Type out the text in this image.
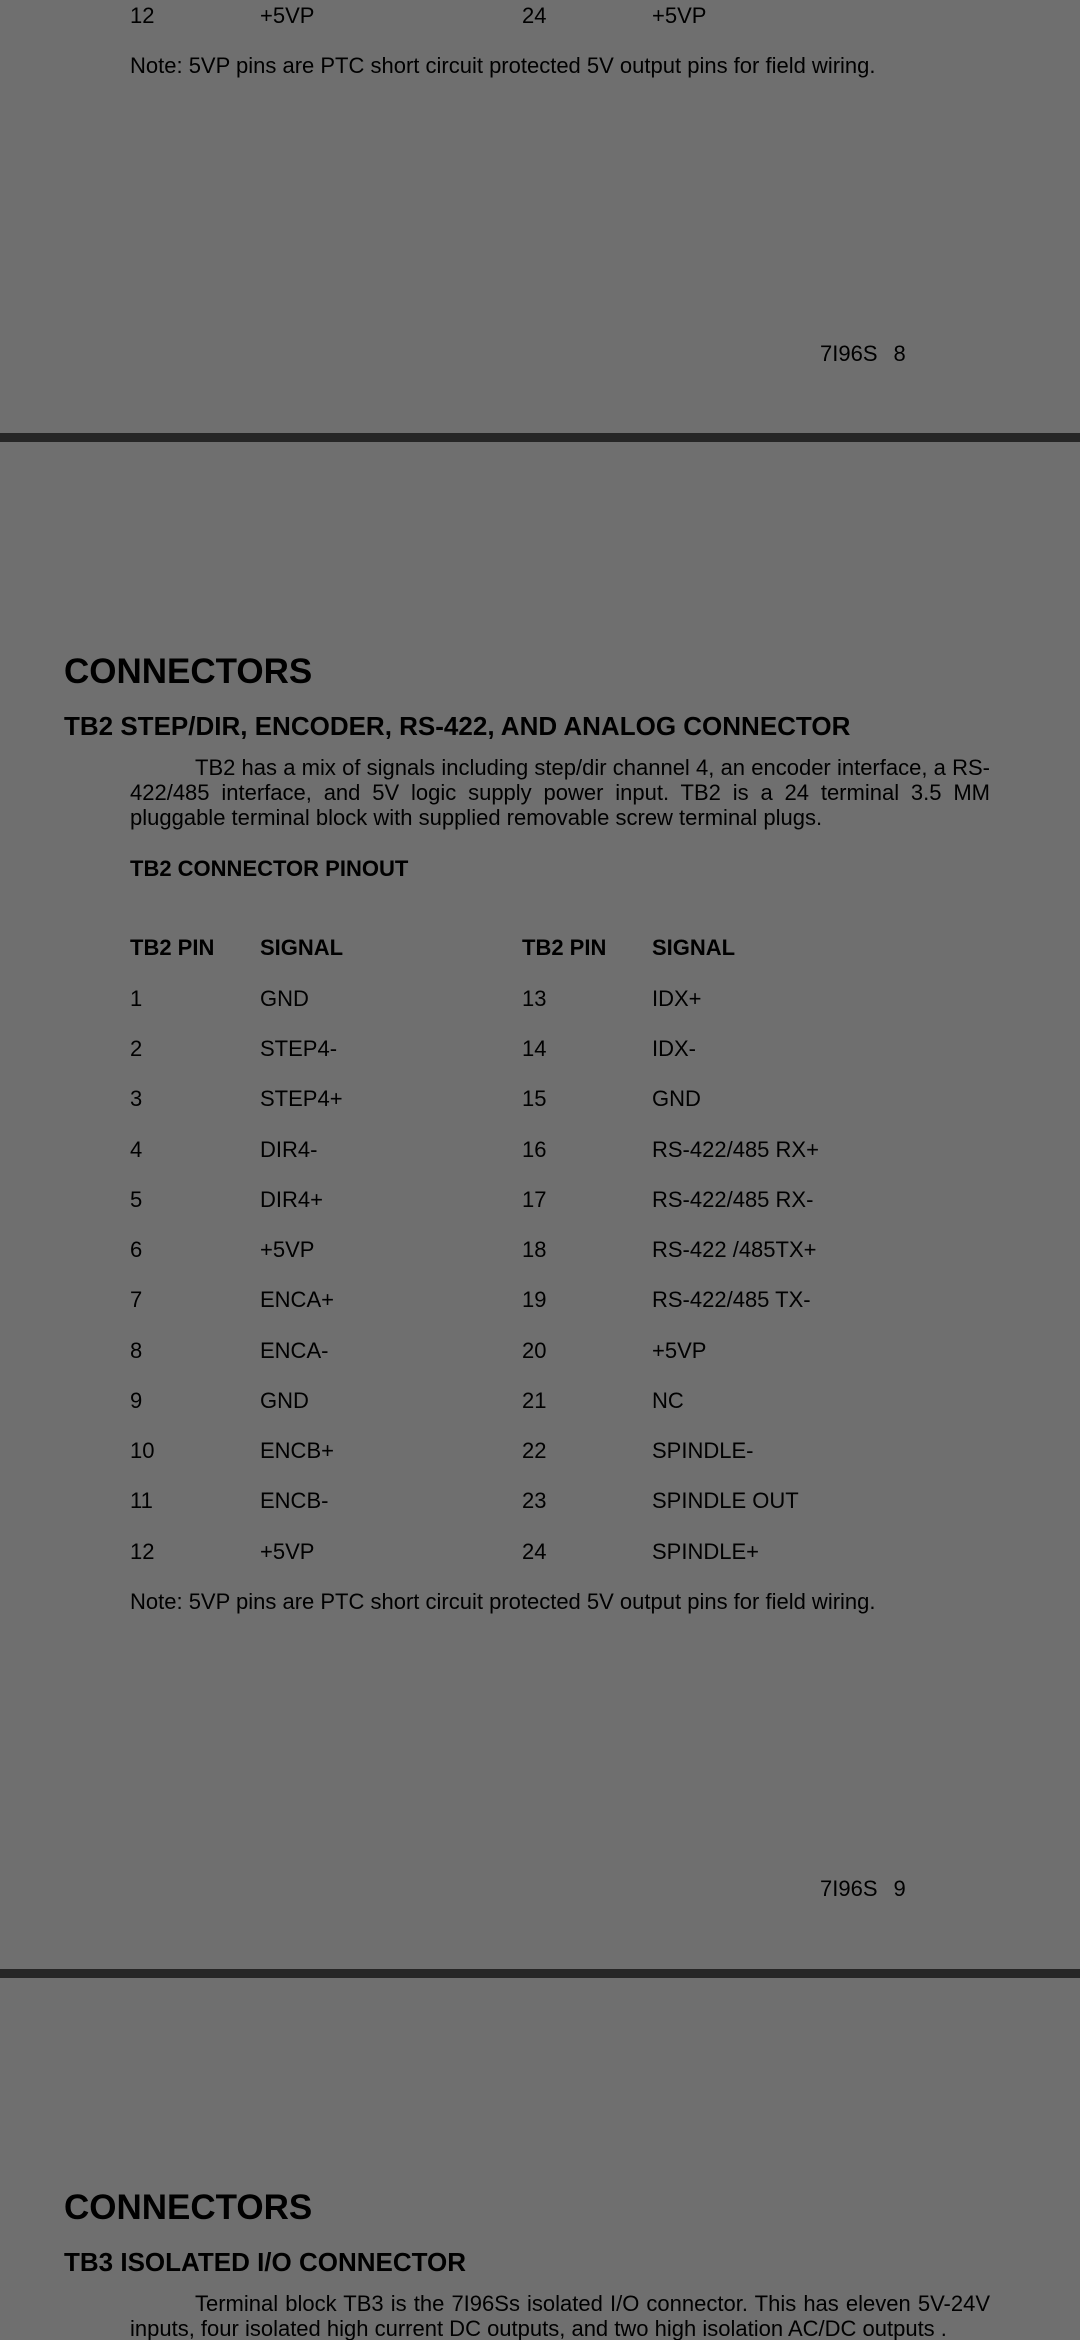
12	+5VP	24	+5VP
Note: 5VP pins are PTC short circuit protected 5V output pins for field wiring.
7I96S 8
CONNECTORS
TB2 STEP/DIR, ENCODER, RS-422, AND ANALOG CONNECTOR
TB2 has a mix of signals including step/dir channel 4, an encoder interface, a RS-422/485 interface, and 5V logic supply power input. TB2 is a 24 terminal 3.5 MM pluggable terminal block with supplied removable screw terminal plugs.
TB2 CONNECTOR PINOUT
TB2 PIN SIGNAL	TB2 PIN SIGNAL
1	GND	13	IDX+
2	STEP4-	14	IDX-
3	STEP4+	15	GND
4	DIR4-	16	RS-422/485 RX+
5	DIR4+	17	RS-422/485 RX-
6	+5VP	18	RS-422 /485TX+
7	ENCA+	19	RS-422/485 TX-
8	ENCA-	20	+5VP
9	GND	21	NC
10	ENCB+	22	SPINDLE-
11	ENCB-	23	SPINDLE OUT
12	+5VP	24	SPINDLE+
Note: 5VP pins are PTC short circuit protected 5V output pins for field wiring.
7I96S 9
CONNECTORS
TB3 ISOLATED I/O CONNECTOR
Terminal block TB3 is the 7I96Ss isolated I/O connector. This has eleven 5V-24V inputs, four isolated high current DC outputs, and two high isolation AC/DC outputs .
